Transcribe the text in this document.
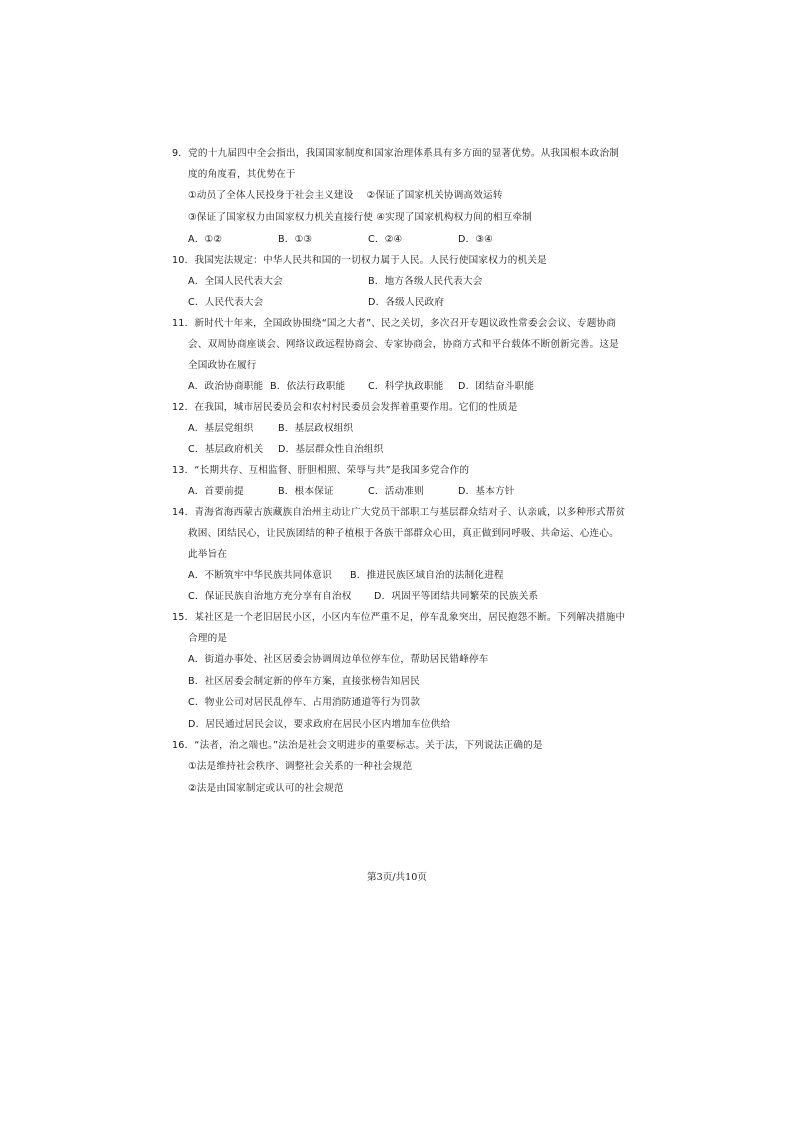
9． 党的十九届四中全会指出，我国国家制度和国家治理体系具有多方面的显著优势。从我国根本政治制
度的角度看，其优势在于
①动员了全体人民投身于社会主义建设　 ②保证了国家机关协调高效运转
③保证了国家权力由国家权力机关直接行使 ④实现了国家机构权力间的相互牵制
A．①②	B．①③	C．②④	D．③④
10． 我国宪法规定：中华人民共和国的一切权力属于人民。人民行使国家权力的机关是
A．全国人民代表大会	B．地方各级人民代表大会
C．人民代表大会	D．各级人民政府
11． 新时代十年来，全国政协围绕“国之大者”、民之关切，多次召开专题议政性常委会会议、专题协商
会、双周协商座谈会、网络议政远程协商会、专家协商会，协商方式和平台载体不断创新完善。这是
全国政协在履行
A．政治协商职能 B．依法行政职能	C．科学执政职能	D．团结奋斗职能
12． 在我国，城市居民委员会和农村村民委员会发挥着重要作用。它们的性质是
A．基层党组织	B．基层政权组织
C．基层政府机关	D．基层群众性自治组织
13． “长期共存、互相监督、肝胆相照、荣辱与共”是我国多党合作的
A．首要前提	B．根本保证	C．活动准则	D．基本方针
14． 青海省海西蒙古族藏族自治州主动让广大党员干部职工与基层群众结对子、认亲戚，以多种形式帮贫
救困、团结民心，让民族团结的种子植根于各族干部群众心田，真正做到同呼吸、共命运、心连心。
此举旨在
A．不断筑牢中华民族共同体意识	B．推进民族区域自治的法制化进程
C．保证民族自治地方充分享有自治权	D．巩固平等团结共同繁荣的民族关系
15． 某社区是一个老旧居民小区，小区内车位严重不足，停车乱象突出，居民抱怨不断。下列解决措施中
合理的是
A．街道办事处、社区居委会协调周边单位停车位，帮助居民错峰停车
B．社区居委会制定新的停车方案，直接张榜告知居民
C．物业公司对居民乱停车、占用消防通道等行为罚款
D．居民通过居民会议，要求政府在居民小区内增加车位供给
16． “法者，治之端也。”法治是社会文明进步的重要标志。关于法，下列说法正确的是
①法是维持社会秩序、调整社会关系的一种社会规范
②法是由国家制定或认可的社会规范
第3页/共10页
